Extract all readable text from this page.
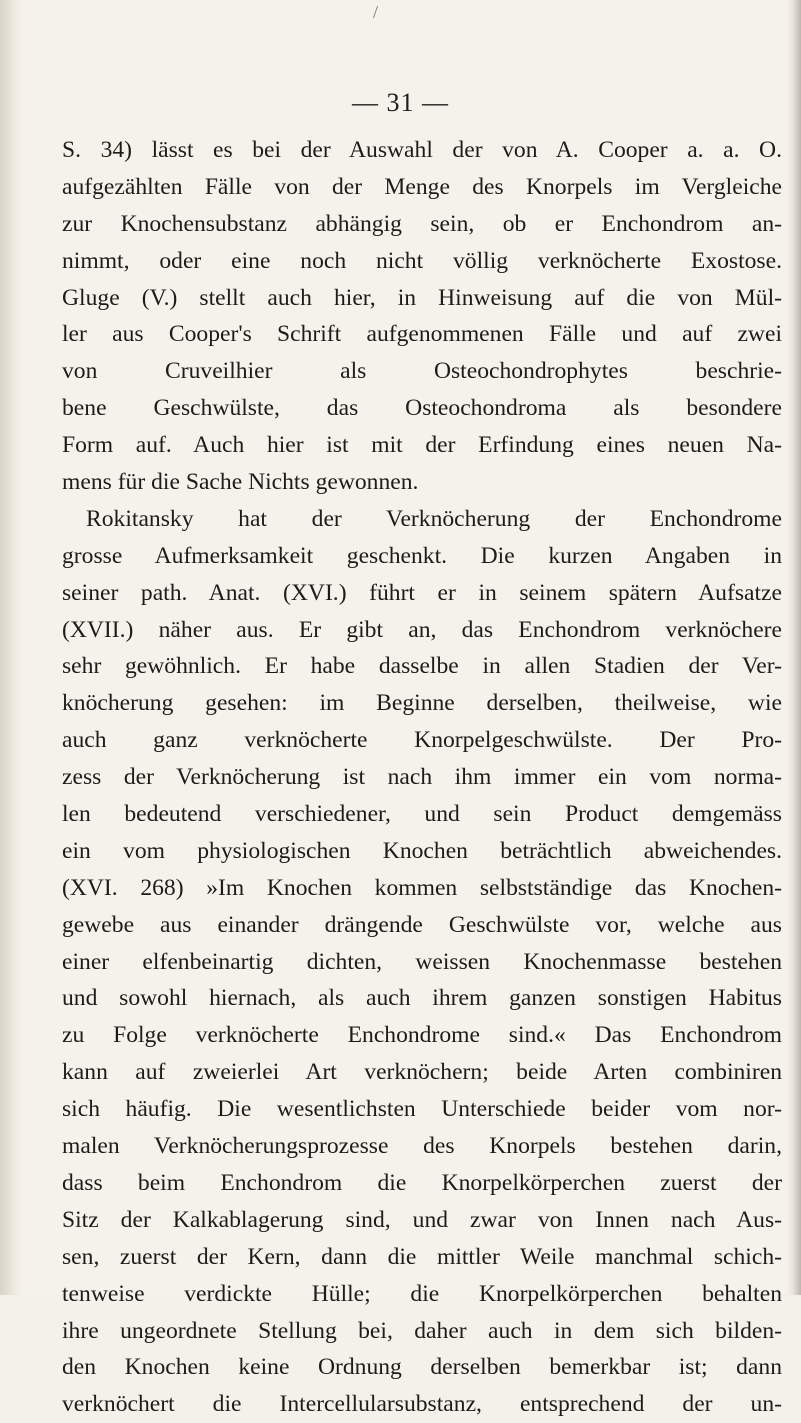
/
— 31 —
S. 34) lässt es bei der Auswahl der von A. Cooper a. a. O.
aufgezählten Fälle von der Menge des Knorpels im Vergleiche
zur Knochensubstanz abhängig sein, ob er Enchondrom an-
nimmt, oder eine noch nicht völlig verknöcherte Exostose.
Gluge (V.) stellt auch hier, in Hinweisung auf die von Mül-
ler aus Cooper's Schrift aufgenommenen Fälle und auf zwei
von Cruveilhier als Osteochondrophytes beschrie-
bene Geschwülste, das Osteochondroma als besondere
Form auf. Auch hier ist mit der Erfindung eines neuen Na-
mens für die Sache Nichts gewonnen.
Rokitansky hat der Verknöcherung der Enchondrome
grosse Aufmerksamkeit geschenkt. Die kurzen Angaben in
seiner path. Anat. (XVI.) führt er in seinem spätern Aufsatze
(XVII.) näher aus. Er gibt an, das Enchondrom verknöchere
sehr gewöhnlich. Er habe dasselbe in allen Stadien der Ver-
knöcherung gesehen: im Beginne derselben, theilweise, wie
auch ganz verknöcherte Knorpelgeschwülste. Der Pro-
zess der Verknöcherung ist nach ihm immer ein vom norma-
len bedeutend verschiedener, und sein Product demgemäss
ein vom physiologischen Knochen beträchtlich abweichendes.
(XVI. 268) »Im Knochen kommen selbstständige das Knochen-
gewebe aus einander drängende Geschwülste vor, welche aus
einer elfenbeinartig dichten, weissen Knochenmasse bestehen
und sowohl hiernach, als auch ihrem ganzen sonstigen Habitus
zu Folge verknöcherte Enchondrome sind.« Das Enchondrom
kann auf zweierlei Art verknöchern; beide Arten combiniren
sich häufig. Die wesentlichsten Unterschiede beider vom nor-
malen Verknöcherungsprozesse des Knorpels bestehen darin,
dass beim Enchondrom die Knorpelkörperchen zuerst der
Sitz der Kalkablagerung sind, und zwar von Innen nach Aus-
sen, zuerst der Kern, dann die mittler Weile manchmal schich-
tenweise verdickte Hülle; die Knorpelkörperchen behalten
ihre ungeordnete Stellung bei, daher auch in dem sich bilden-
den Knochen keine Ordnung derselben bemerkbar ist; dann
verknöchert die Intercellularsubstanz, entsprechend der un-
